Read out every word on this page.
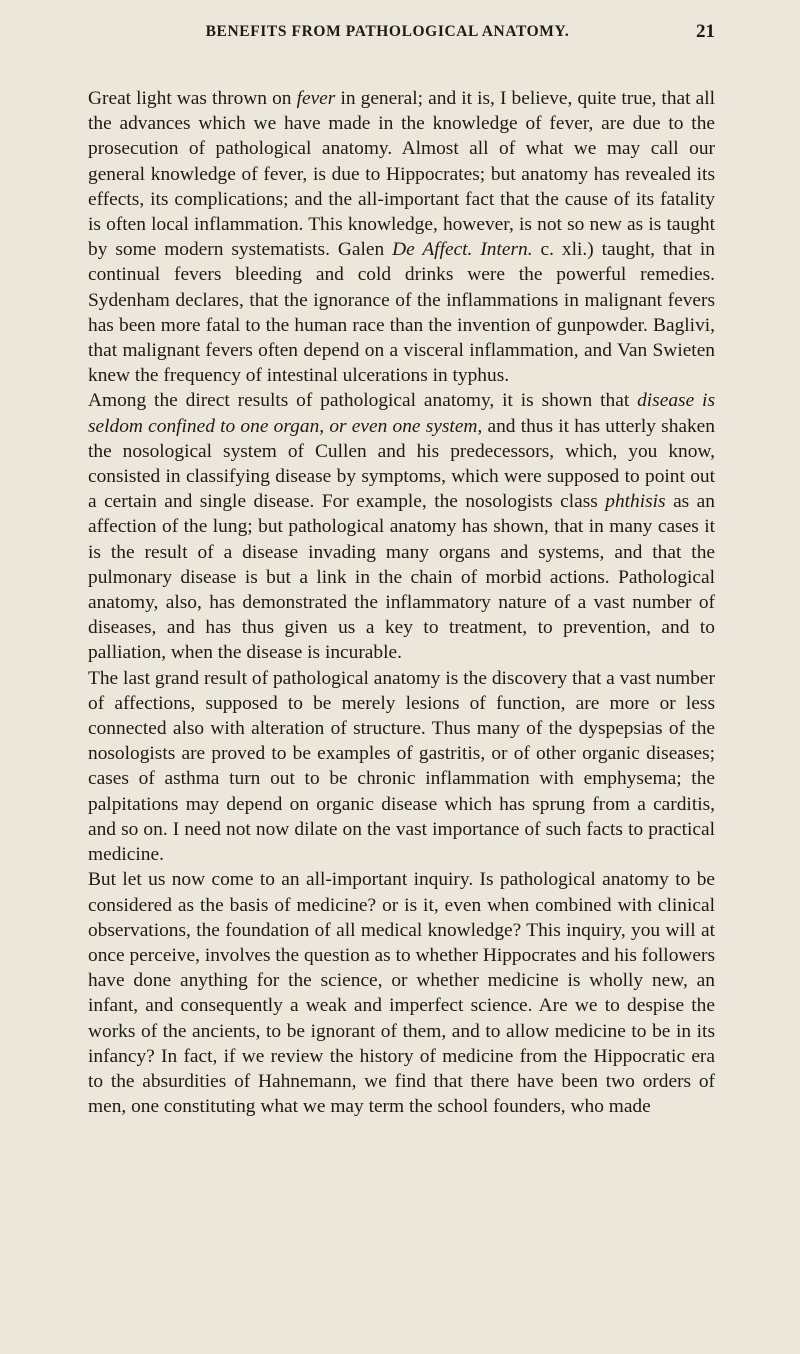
BENEFITS FROM PATHOLOGICAL ANATOMY.	21

Great light was thrown on fever in general; and it is, I believe, quite true, that all the advances which we have made in the knowledge of fever, are due to the prosecution of pathological anatomy. Almost all of what we may call our general knowledge of fever, is due to Hippocrates; but anatomy has revealed its effects, its complications; and the all-important fact that the cause of its fatality is often local inflammation. This knowledge, however, is not so new as is taught by some modern systematists. Galen De Affect. Intern. c. xli.) taught, that in continual fevers bleeding and cold drinks were the powerful remedies. Sydenham declares, that the ignorance of the inflammations in malignant fevers has been more fatal to the human race than the invention of gunpowder. Baglivi, that malignant fevers often depend on a visceral inflammation, and Van Swieten knew the frequency of intestinal ulcerations in typhus.

Among the direct results of pathological anatomy, it is shown that disease is seldom confined to one organ, or even one system, and thus it has utterly shaken the nosological system of Cullen and his predecessors, which, you know, consisted in classifying disease by symptoms, which were supposed to point out a certain and single disease. For example, the nosologists class phthisis as an affection of the lung; but pathological anatomy has shown, that in many cases it is the result of a disease invading many organs and systems, and that the pulmonary disease is but a link in the chain of morbid actions. Pathological anatomy, also, has demonstrated the inflammatory nature of a vast number of diseases, and has thus given us a key to treatment, to prevention, and to palliation, when the disease is incurable.

The last grand result of pathological anatomy is the discovery that a vast number of affections, supposed to be merely lesions of function, are more or less connected also with alteration of structure. Thus many of the dyspepsias of the nosologists are proved to be examples of gastritis, or of other organic diseases; cases of asthma turn out to be chronic inflammation with emphysema; the palpitations may depend on organic disease which has sprung from a carditis, and so on. I need not now dilate on the vast importance of such facts to practical medicine.

But let us now come to an all-important inquiry. Is pathological anatomy to be considered as the basis of medicine? or is it, even when combined with clinical observations, the foundation of all medical knowledge? This inquiry, you will at once perceive, involves the question as to whether Hippocrates and his followers have done anything for the science, or whether medicine is wholly new, an infant, and consequently a weak and imperfect science. Are we to despise the works of the ancients, to be ignorant of them, and to allow medicine to be in its infancy? In fact, if we review the history of medicine from the Hippocratic era to the absurdities of Hahnemann, we find that there have been two orders of men, one constituting what we may term the school founders, who made
